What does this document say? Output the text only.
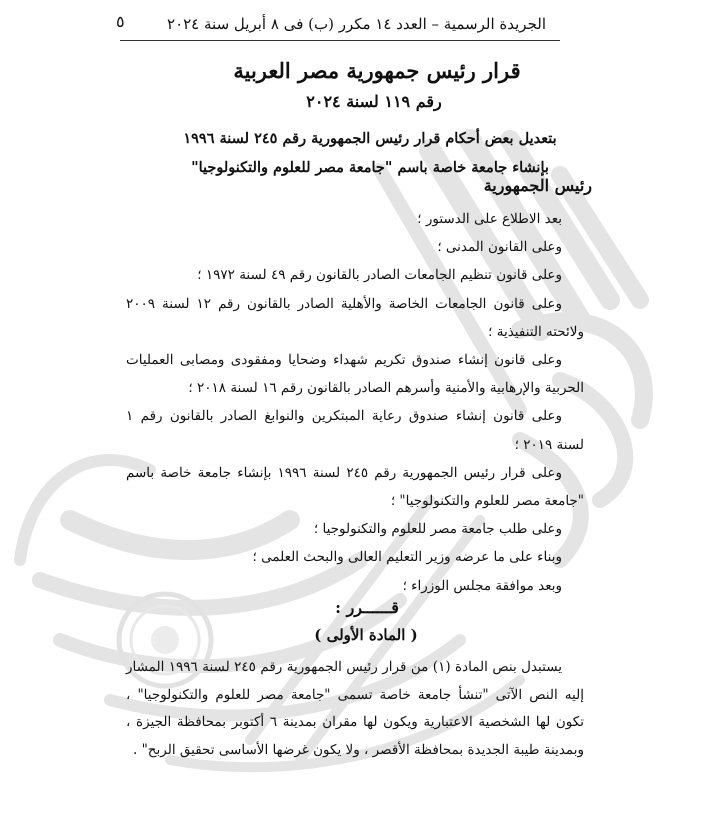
الجريدة الرسمية – العدد ١٤ مكرر (ب) فى ٨ أبريل سنة ٢٠٢٤
٥
قرار رئيس جمهورية مصر العربية
رقم ١١٩ لسنة ٢٠٢٤
بتعديل بعض أحكام قرار رئيس الجمهورية رقم ٢٤٥ لسنة ١٩٩٦
بإنشاء جامعة خاصة باسم "جامعة مصر للعلوم والتكنولوجيا"
رئيس الجمهورية

بعد الاطلاع على الدستور ؛

وعلى القانون المدنى ؛

وعلى قانون تنظيم الجامعات الصادر بالقانون رقم ٤٩ لسنة ١٩٧٢ ؛

وعلى قانون الجامعات الخاصة والأهلية الصادر بالقانون رقم ١٢ لسنة ٢٠٠٩ ولائحته التنفيذية ؛

وعلى قانون إنشاء صندوق تكريم شهداء وضحايا ومفقودى ومصابى العمليات الحربية والإرهابية والأمنية وأسرهم الصادر بالقانون رقم ١٦ لسنة ٢٠١٨ ؛

وعلى قانون إنشاء صندوق رعاية المبتكرين والنوابغ الصادر بالقانون رقم ١ لسنة ٢٠١٩ ؛

وعلى قرار رئيس الجمهورية رقم ٢٤٥ لسنة ١٩٩٦ بإنشاء جامعة خاصة باسم "جامعة مصر للعلوم والتكنولوجيا" ؛

وعلى طلب جامعة مصر للعلوم والتكنولوجيا ؛

وبناء على ما عرضه وزير التعليم العالى والبحث العلمى ؛

وبعد موافقة مجلس الوزراء ؛

قــــــرر :
( المادة الأولى )
يستبدل بنص المادة (١) من قرار رئيس الجمهورية رقم ٢٤٥ لسنة ١٩٩٦ المشار إليه النص الآتى "تنشأ جامعة خاصة تسمى "جامعة مصر للعلوم والتكنولوجيا" ، تكون لها الشخصية الاعتبارية ويكون لها مقران بمدينة ٦ أكتوبر بمحافظة الجيزة ، وبمدينة طيبة الجديدة بمحافظة الأقصر ، ولا يكون غرضها الأساسى تحقيق الربح" .
